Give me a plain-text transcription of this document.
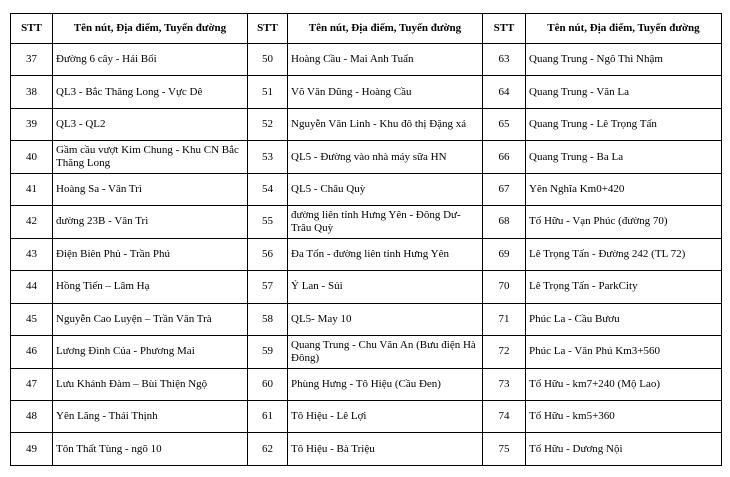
STT	Tên nút, Địa điểm, Tuyến đường	STT	Tên nút, Địa điểm, Tuyến đường	STT	Tên nút, Địa điểm, Tuyến đường
37	Đường 6 cây - Hải Bối	50	Hoàng Cầu - Mai Anh Tuấn	63	Quang Trung - Ngô Thì Nhậm
38	QL3 - Bắc Thăng Long - Vực Dê	51	Võ Văn Dũng - Hoàng Cầu	64	Quang Trung - Văn La
39	QL3 - QL2	52	Nguyễn Văn Linh - Khu đô thị Đặng xá	65	Quang Trung - Lê Trọng Tấn
40	Gầm cầu vượt Kim Chung - Khu CN Bắc Thăng Long	53	QL5 - Đường vào nhà máy sữa HN	66	Quang Trung - Ba La
41	Hoàng Sa - Vân Trì	54	QL5 - Châu Quỳ	67	Yên Nghĩa Km0+420
42	đường 23B - Vân Trì	55	đường liên tỉnh Hưng Yên - Đông Dư- Trâu Quỳ	68	Tố Hữu - Vạn Phúc (đường 70)
43	Điện Biên Phủ - Trần Phú	56	Đa Tốn - đường liên tỉnh Hưng Yên	69	Lê Trọng Tấn - Đường 242 (TL 72)
44	Hồng Tiến – Lâm Hạ	57	Ỷ Lan - Sủi	70	Lê Trọng Tấn - ParkCity
45	Nguyễn Cao Luyện – Trần Văn Trà	58	QL5- May 10	71	Phúc La - Cầu Bươu
46	Lương Đình Của - Phương Mai	59	Quang Trung - Chu Văn An (Bưu điện Hà Đông)	72	Phúc La - Văn Phú Km3+560
47	Lưu Khánh Đàm – Bùi Thiện Ngộ	60	Phùng Hưng - Tô Hiệu (Cầu Đen)	73	Tố Hữu - km7+240 (Mộ Lao)
48	Yên Lãng - Thái Thịnh	61	Tô Hiệu - Lê Lợi	74	Tố Hữu - km5+360
49	Tôn Thất Tùng - ngõ 10	62	Tô Hiệu - Bà Triệu	75	Tố Hữu - Dương Nội
